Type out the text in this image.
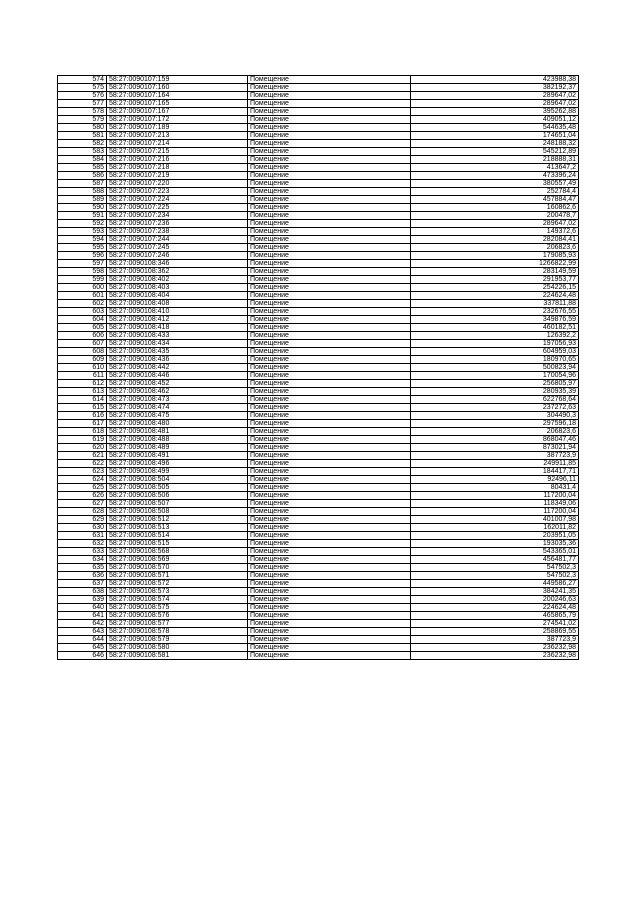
574	58:27:0090107:159	Помещение	423988,38
575	58:27:0090107:160	Помещение	382192,37
576	58:27:0090107:164	Помещение	289647,02
577	58:27:0090107:165	Помещение	289647,02
578	58:27:0090107:167	Помещение	395262,88
579	58:27:0090107:172	Помещение	409051,12
580	58:27:0090107:189	Помещение	544635,48
581	58:27:0090107:213	Помещение	174651,04
582	58:27:0090107:214	Помещение	248188,32
583	58:27:0090107:215	Помещение	545212,89
584	58:27:0090107:216	Помещение	218888,31
585	58:27:0090107:218	Помещение	413647,2
586	58:27:0090107:219	Помещение	473396,24
587	58:27:0090107:220	Помещение	380557,49
588	58:27:0090107:223	Помещение	252784,4
589	58:27:0090107:224	Помещение	457884,47
590	58:27:0090107:225	Помещение	160862,6
591	58:27:0090107:234	Помещение	200478,7
592	58:27:0090107:236	Помещение	289647,02
593	58:27:0090107:238	Помещение	149372,6
594	58:27:0090107:244	Помещение	282084,41
595	58:27:0090107:245	Помещение	206823,6
596	58:27:0090107:246	Помещение	179085,93
597	58:27:0090108:346	Помещение	1266822,99
598	58:27:0090108:362	Помещение	283149,59
599	58:27:0090108:402	Помещение	291953,77
600	58:27:0090108:403	Помещение	254226,15
601	58:27:0090108:404	Помещение	224624,48
602	58:27:0090108:408	Помещение	337811,88
603	58:27:0090108:410	Помещение	232676,55
604	58:27:0090108:412	Помещение	349876,59
605	58:27:0090108:418	Помещение	460182,51
606	58:27:0090108:433	Помещение	126392,2
607	58:27:0090108:434	Помещение	197056,93
608	58:27:0090108:435	Помещение	604959,03
609	58:27:0090108:436	Помещение	180970,65
610	58:27:0090108:442	Помещение	500823,94
611	58:27:0090108:446	Помещение	170054,96
612	58:27:0090108:452	Помещение	256805,97
613	58:27:0090108:462	Помещение	280935,39
614	58:27:0090108:473	Помещение	622768,64
615	58:27:0090108:474	Помещение	237272,63
616	58:27:0090108:475	Помещение	304490,3
617	58:27:0090108:480	Помещение	297596,18
618	58:27:0090108:481	Помещение	206823,6
619	58:27:0090108:488	Помещение	868047,46
620	58:27:0090108:489	Помещение	873021,94
621	58:27:0090108:491	Помещение	387723,9
622	58:27:0090108:496	Помещение	249911,85
623	58:27:0090108:499	Помещение	184417,71
624	58:27:0090108:504	Помещение	92496,11
625	58:27:0090108:505	Помещение	80431,4
626	58:27:0090108:506	Помещение	117200,04
627	58:27:0090108:507	Помещение	118349,06
628	58:27:0090108:508	Помещение	117200,04
629	58:27:0090108:512	Помещение	401007,98
630	58:27:0090108:513	Помещение	162011,82
631	58:27:0090108:514	Помещение	203951,05
632	58:27:0090108:515	Помещение	193035,36
633	58:27:0090108:568	Помещение	543365,01
634	58:27:0090108:569	Помещение	456481,77
635	58:27:0090108:570	Помещение	547502,3
636	58:27:0090108:571	Помещение	547502,3
637	58:27:0090108:572	Помещение	449586,27
638	58:27:0090108:573	Помещение	384241,35
639	58:27:0090108:574	Помещение	200246,63
640	58:27:0090108:575	Помещение	224624,48
641	58:27:0090108:576	Помещение	465865,79
642	58:27:0090108:577	Помещение	274541,02
643	58:27:0090108:578	Помещение	258869,55
644	58:27:0090108:579	Помещение	387723,9
645	58:27:0090108:580	Помещение	236232,98
646	58:27:0090108:581	Помещение	236232,98
